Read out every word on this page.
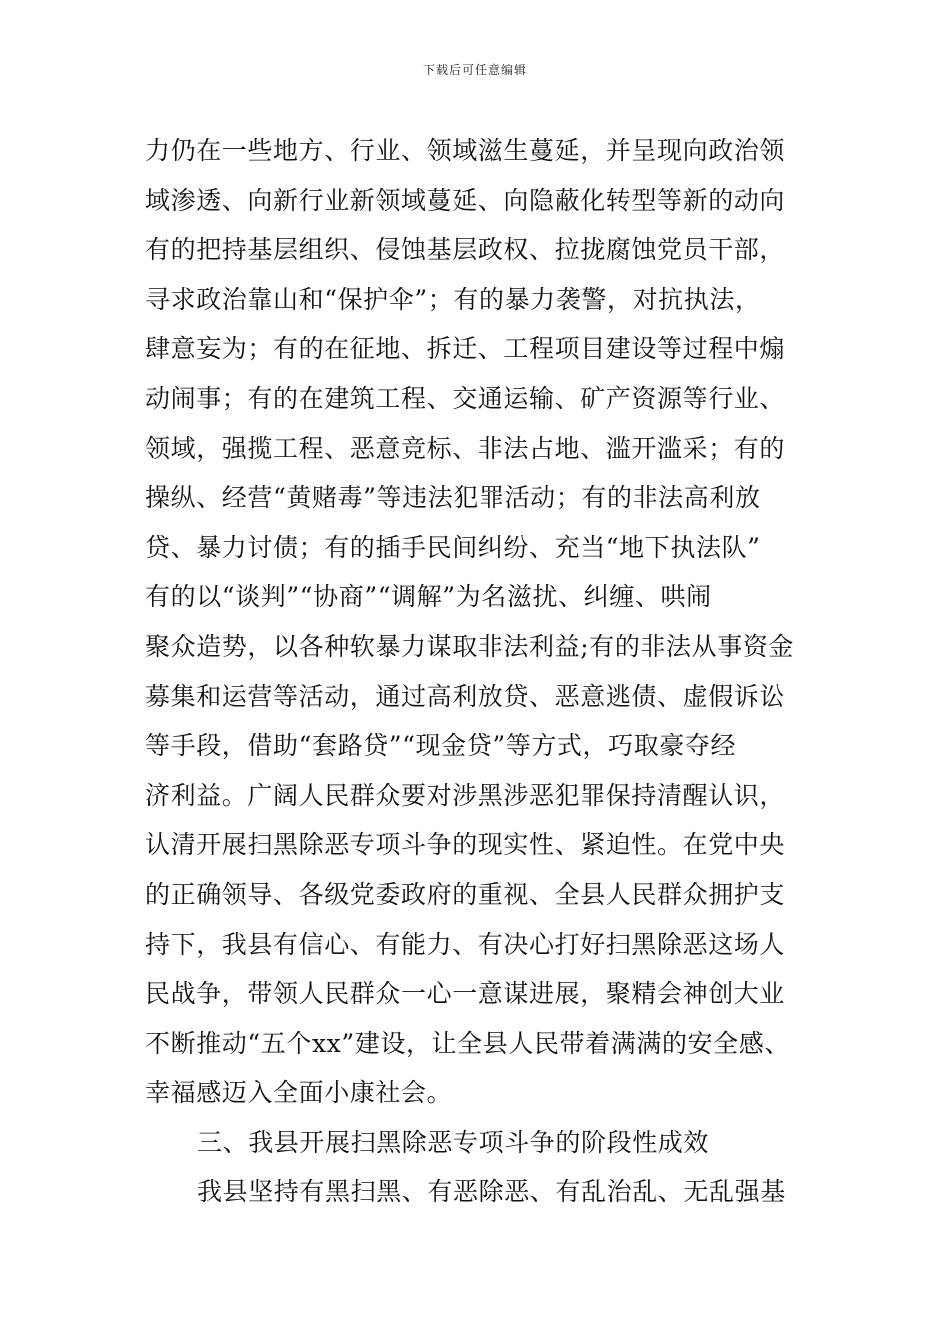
下载后可任意编辑
力仍在一些地方、行业、领域滋生蔓延，并呈现向政治领
域渗透、向新行业新领域蔓延、向隐蔽化转型等新的动向
有的把持基层组织、侵蚀基层政权、拉拢腐蚀党员干部，
寻求政治靠山和“保护伞”；有的暴力袭警，对抗执法，
肆意妄为；有的在征地、拆迁、工程项目建设等过程中煽
动闹事；有的在建筑工程、交通运输、矿产资源等行业、
领域，强揽工程、恶意竞标、非法占地、滥开滥采；有的
操纵、经营“黄赌毒”等违法犯罪活动；有的非法高利放
贷、暴力讨债；有的插手民间纠纷、充当“地下执法队”
有的以“谈判”“协商”“调解”为名滋扰、纠缠、哄闹
聚众造势，以各种软暴力谋取非法利益;有的非法从事资金
募集和运营等活动，通过高利放贷、恶意逃债、虚假诉讼
等手段，借助“套路贷”“现金贷”等方式，巧取豪夺经
济利益。广阔人民群众要对涉黑涉恶犯罪保持清醒认识，
认清开展扫黑除恶专项斗争的现实性、紧迫性。在党中央
的正确领导、各级党委政府的重视、全县人民群众拥护支
持下，我县有信心、有能力、有决心打好扫黑除恶这场人
民战争，带领人民群众一心一意谋进展，聚精会神创大业
不断推动“五个xx”建设，让全县人民带着满满的安全感、
幸福感迈入全面小康社会。
三、我县开展扫黑除恶专项斗争的阶段性成效
我县坚持有黑扫黑、有恶除恶、有乱治乱、无乱强基
